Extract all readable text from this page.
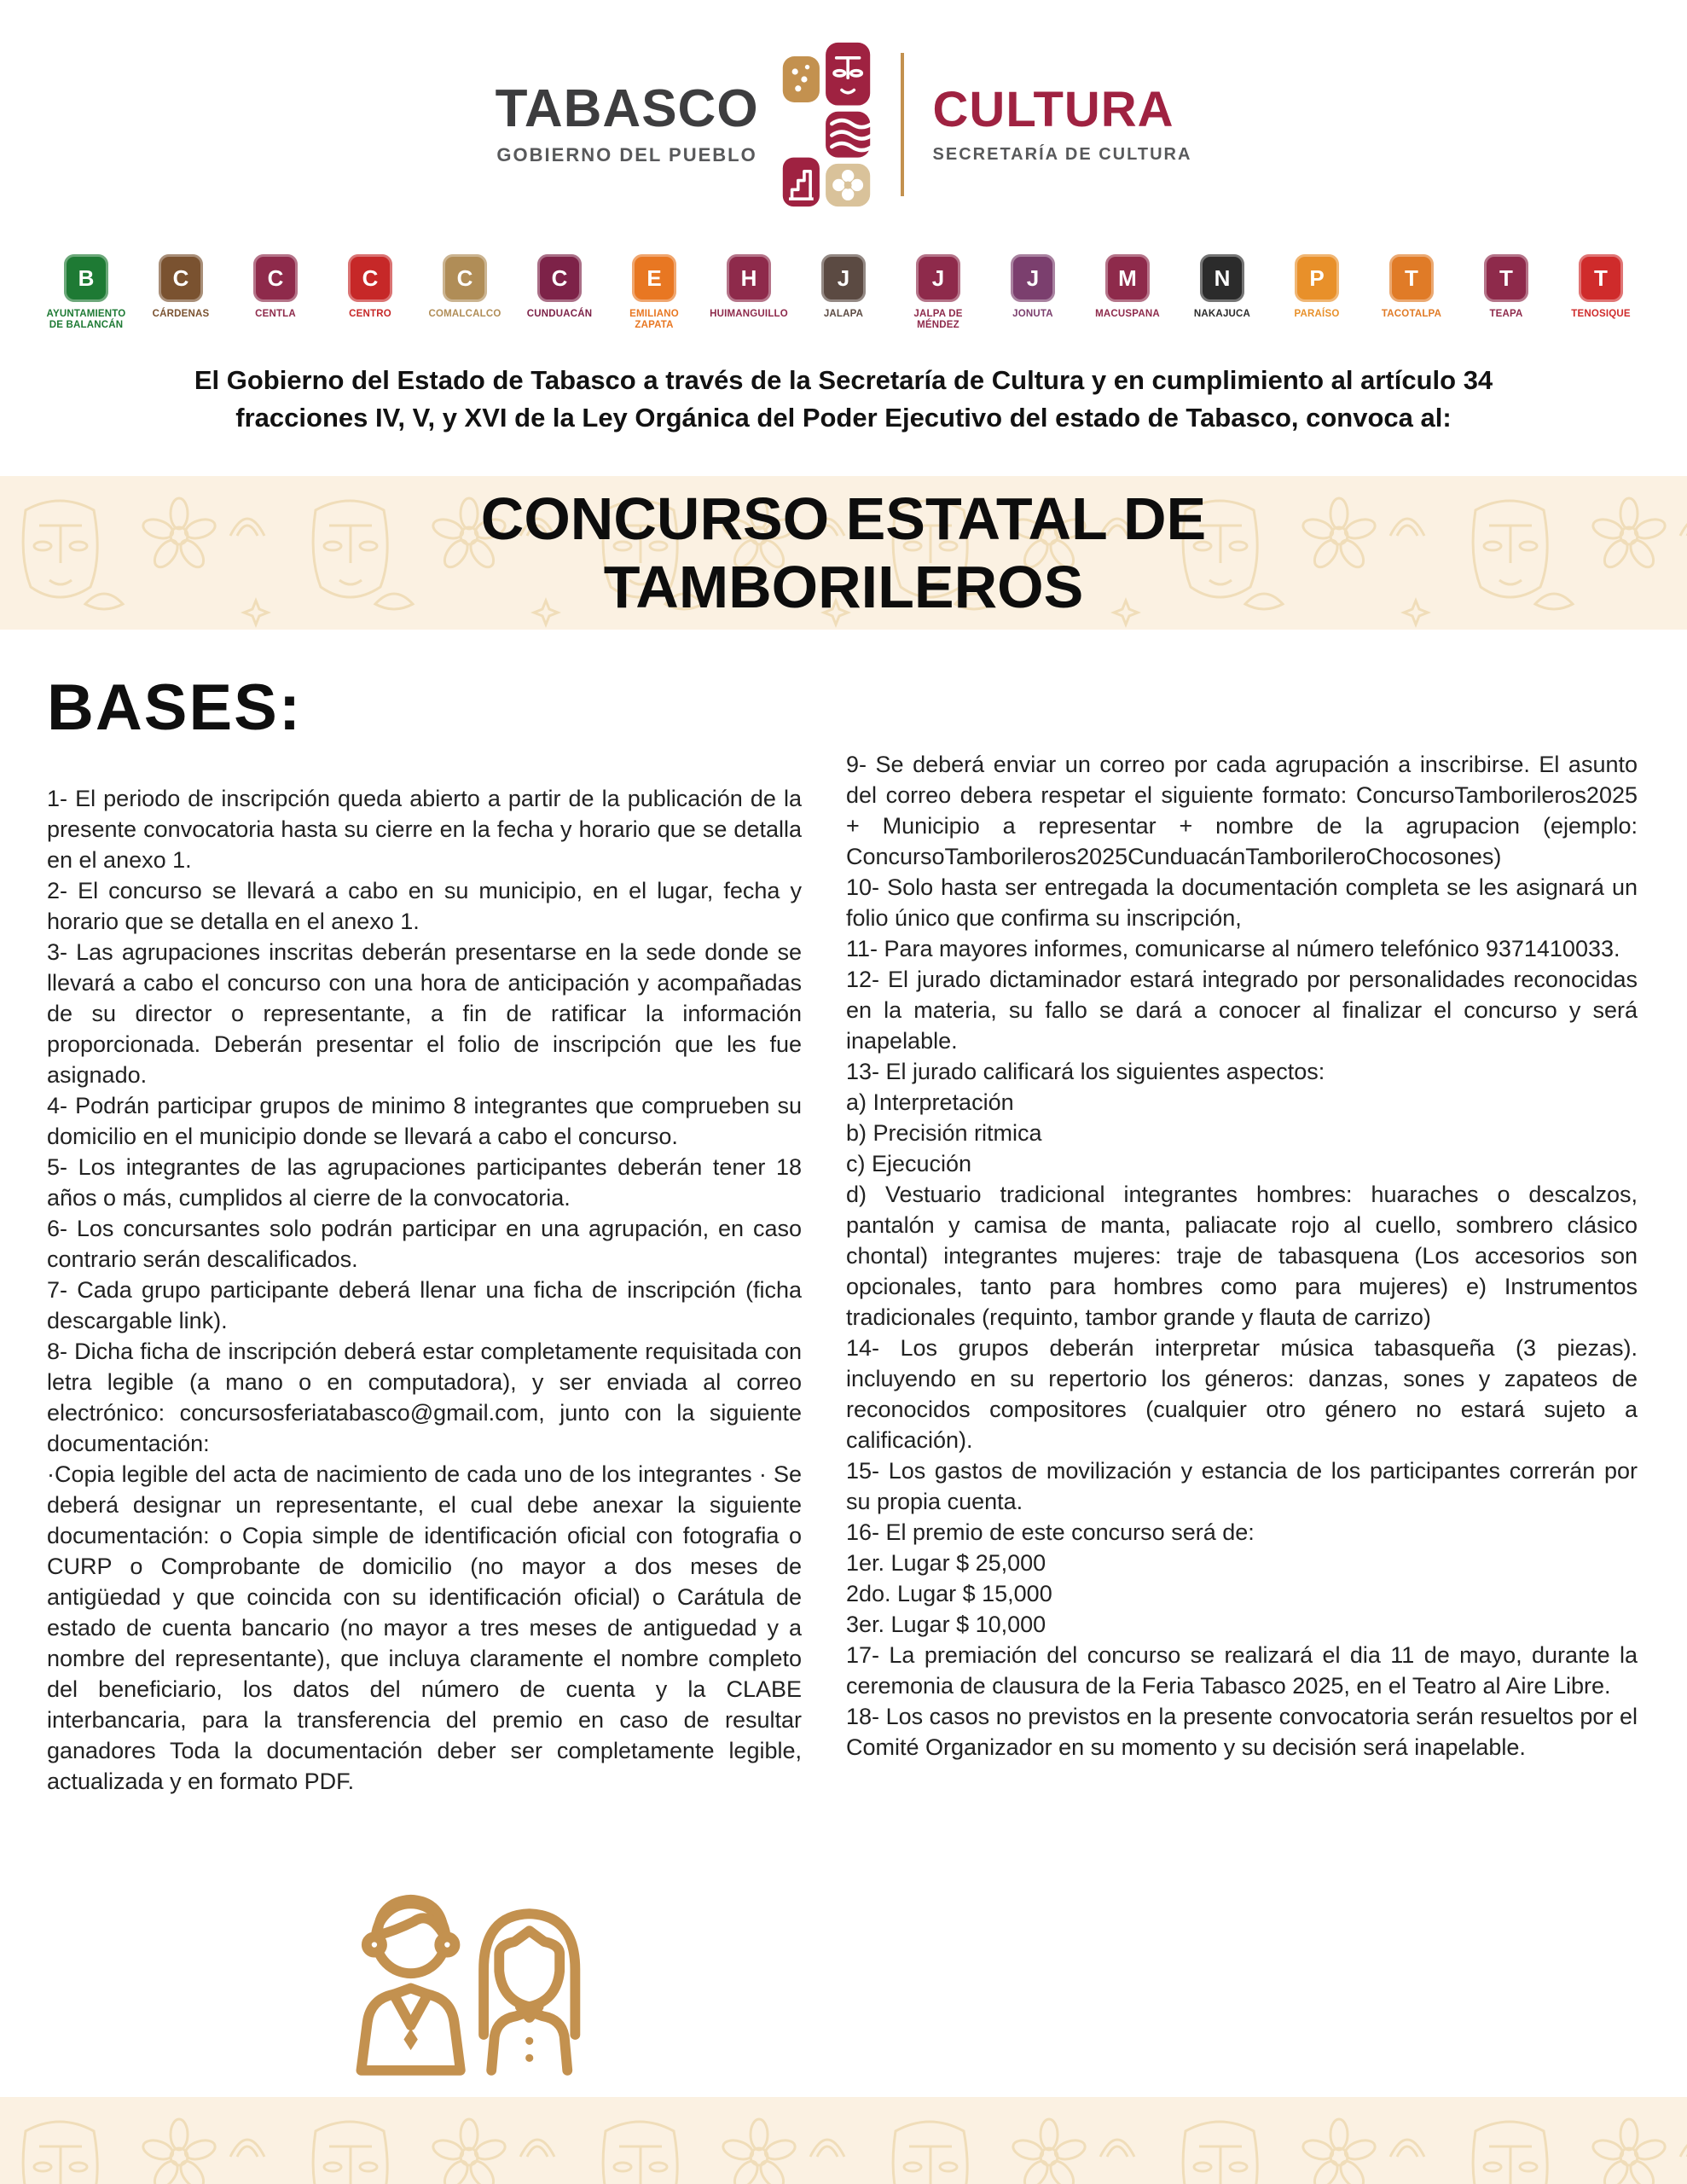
TABASCO
GOBIERNO DEL PUEBLO
CULTURA
SECRETARÍA DE CULTURA
B
AYUNTAMIENTO DE BALANCÁN
C
CÁRDENAS
C
CENTLA
C
CENTRO
C
COMALCALCO
C
CUNDUACÁN
E
EMILIANO ZAPATA
H
HUIMANGUILLO
J
JALAPA
J
JALPA DE MÉNDEZ
J
JONUTA
M
MACUSPANA
N
NAKAJUCA
P
PARAÍSO
T
TACOTALPA
T
TEAPA
T
TENOSIQUE

El Gobierno del Estado de Tabasco a través de la Secretaría de Cultura y en cumplimiento al artículo 34 fracciones IV, V, y XVI de la Ley Orgánica del Poder Ejecutivo del estado de Tabasco, convoca al:

CONCURSO ESTATAL DE
TAMBORILEROS
BASES:

1- El periodo de inscripción queda abierto a partir de la publicación de la presente convocatoria hasta su cierre en la fecha y horario que se detalla en el anexo 1.

2- El concurso se llevará a cabo en su municipio, en el lugar, fecha y horario que se detalla en el anexo 1.

3- Las agrupaciones inscritas deberán presentarse en la sede donde se llevará a cabo el concurso con una hora de anticipación y acompañadas de su director o representante, a fin de ratificar la información proporcionada. Deberán presentar el folio de inscripción que les fue asignado.

4- Podrán participar grupos de minimo 8 integrantes que comprueben su domicilio en el municipio donde se llevará a cabo el concurso.

5- Los integrantes de las agrupaciones participantes deberán tener 18 años o más, cumplidos al cierre de la convocatoria.

6- Los concursantes solo podrán participar en una agrupación, en caso contrario serán descalificados.

7- Cada grupo participante deberá llenar una ficha de inscripción (ficha descargable link).

8- Dicha ficha de inscripción deberá estar completamente requisitada con letra legible (a mano o en computadora), y ser enviada al correo electrónico: concursosferiatabasco@gmail.com, junto con la siguiente documentación:

·Copia legible del acta de nacimiento de cada uno de los integrantes · Se deberá designar un representante, el cual debe anexar la siguiente documentación: o Copia simple de identificación oficial con fotografia o CURP o Comprobante de domicilio (no mayor a dos meses de antigüedad y que coincida con su identificación oficial) o Carátula de estado de cuenta bancario (no mayor a tres meses de antiguedad y a nombre del representante), que incluya claramente el nombre completo del beneficiario, los datos del número de cuenta y la CLABE interbancaria, para la transferencia del premio en caso de resultar ganadores Toda la documentación deber ser completamente legible, actualizada y en formato PDF.

9- Se deberá enviar un correo por cada agrupación a inscribirse. El asunto del correo debera respetar el siguiente formato: ConcursoTamborileros2025 + Municipio a representar + nombre de la agrupacion (ejemplo: ConcursoTamborileros2025CunduacánTamborileroChocosones)

10- Solo hasta ser entregada la documentación completa se les asignará un folio único que confirma su inscripción,

11- Para mayores informes, comunicarse al número telefónico 9371410033.

12- El jurado dictaminador estará integrado por personalidades reconocidas en la materia, su fallo se dará a conocer al finalizar el concurso y será inapelable.

13- El jurado calificará los siguientes aspectos:

a) Interpretación

b) Precisión ritmica

c) Ejecución

d) Vestuario tradicional integrantes hombres: huaraches o descalzos, pantalón y camisa de manta, paliacate rojo al cuello, sombrero clásico chontal) integrantes mujeres: traje de tabasquena (Los accesorios son opcionales, tanto para hombres como para mujeres) e) Instrumentos tradicionales (requinto, tambor grande y flauta de carrizo)

14- Los grupos deberán interpretar música tabasqueña (3 piezas). incluyendo en su repertorio los géneros: danzas, sones y zapateos de reconocidos compositores (cualquier otro género no estará sujeto a calificación).

15- Los gastos de movilización y estancia de los participantes correrán por su propia cuenta.

16- El premio de este concurso será de:

1er. Lugar $ 25,000

2do. Lugar $ 15,000

3er. Lugar $ 10,000

17- La premiación del concurso se realizará el dia 11 de mayo, durante la ceremonia de clausura de la Feria Tabasco 2025, en el Teatro al Aire Libre.

18- Los casos no previstos en la presente convocatoria serán resueltos por el Comité Organizador en su momento y su decisión será inapelable.
